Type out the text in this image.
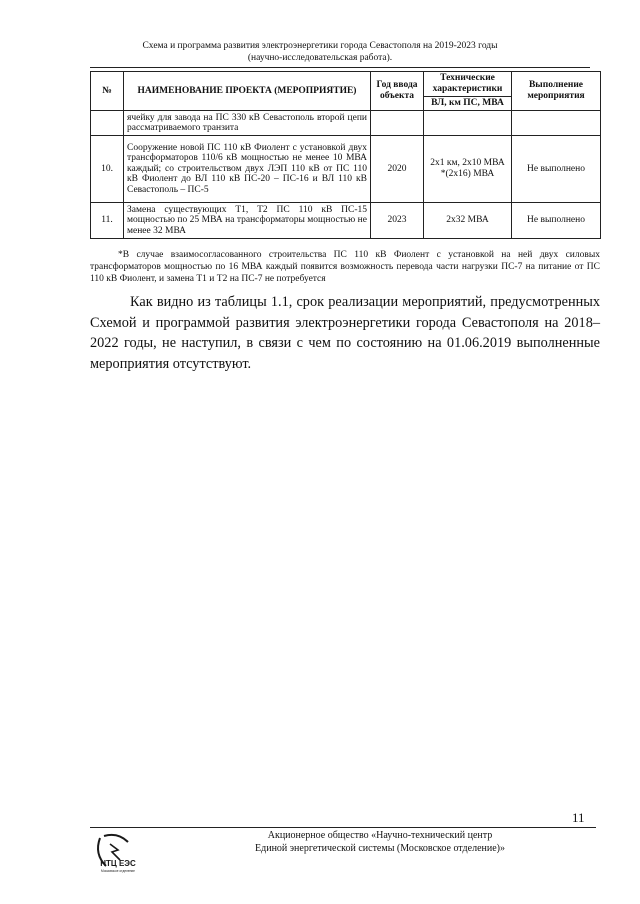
Схема и программа развития электроэнергетики города Севастополя на 2019-2023 годы
(научно-исследовательская работа).
№	НАИМЕНОВАНИЕ ПРОЕКТА (МЕРОПРИЯТИЕ)	Год ввода объекта	Технические характеристики	Выполнение мероприятия
			ВЛ, км ПС, МВА	
	ячейку для завода на ПС 330 кВ Севастополь второй цепи рассматриваемого транзита			
10.	Сооружение новой ПС 110 кВ Фиолент с установкой двух трансформаторов 110/6 кВ мощностью не менее 10 МВА каждый; со строительством двух ЛЭП 110 кВ от ПС 110 кВ Фиолент до ВЛ 110 кВ ПС-20 – ПС-16 и ВЛ 110 кВ Севастополь – ПС-5	2020	2х1 км, 2х10 МВА *(2х16) МВА	Не выполнено
11.	Замена существующих Т1, Т2 ПС 110 кВ ПС-15 мощностью по 25 МВА на трансформаторы мощностью не менее 32 МВА	2023	2х32 МВА	Не выполнено
*В случае взаимосогласованного строительства ПС 110 кВ Фиолент с установкой на ней двух силовых трансформаторов мощностью по 16 МВА каждый появится возможность перевода части нагрузки ПС-7 на питание от ПС 110 кВ Фиолент, и замена Т1 и Т2 на ПС-7 не потребуется
Как видно из таблицы 1.1, срок реализации мероприятий, предусмотренных Схемой и программой развития электроэнергетики города Севастополя на 2018–2022 годы, не наступил, в связи с чем по состоянию на 01.06.2019 выполненные мероприятия отсутствуют.
11
НТЦ ЕЭС
Московское отделение
Акционерное общество «Научно-технический центр
Единой энергетической системы (Московское отделение)»
